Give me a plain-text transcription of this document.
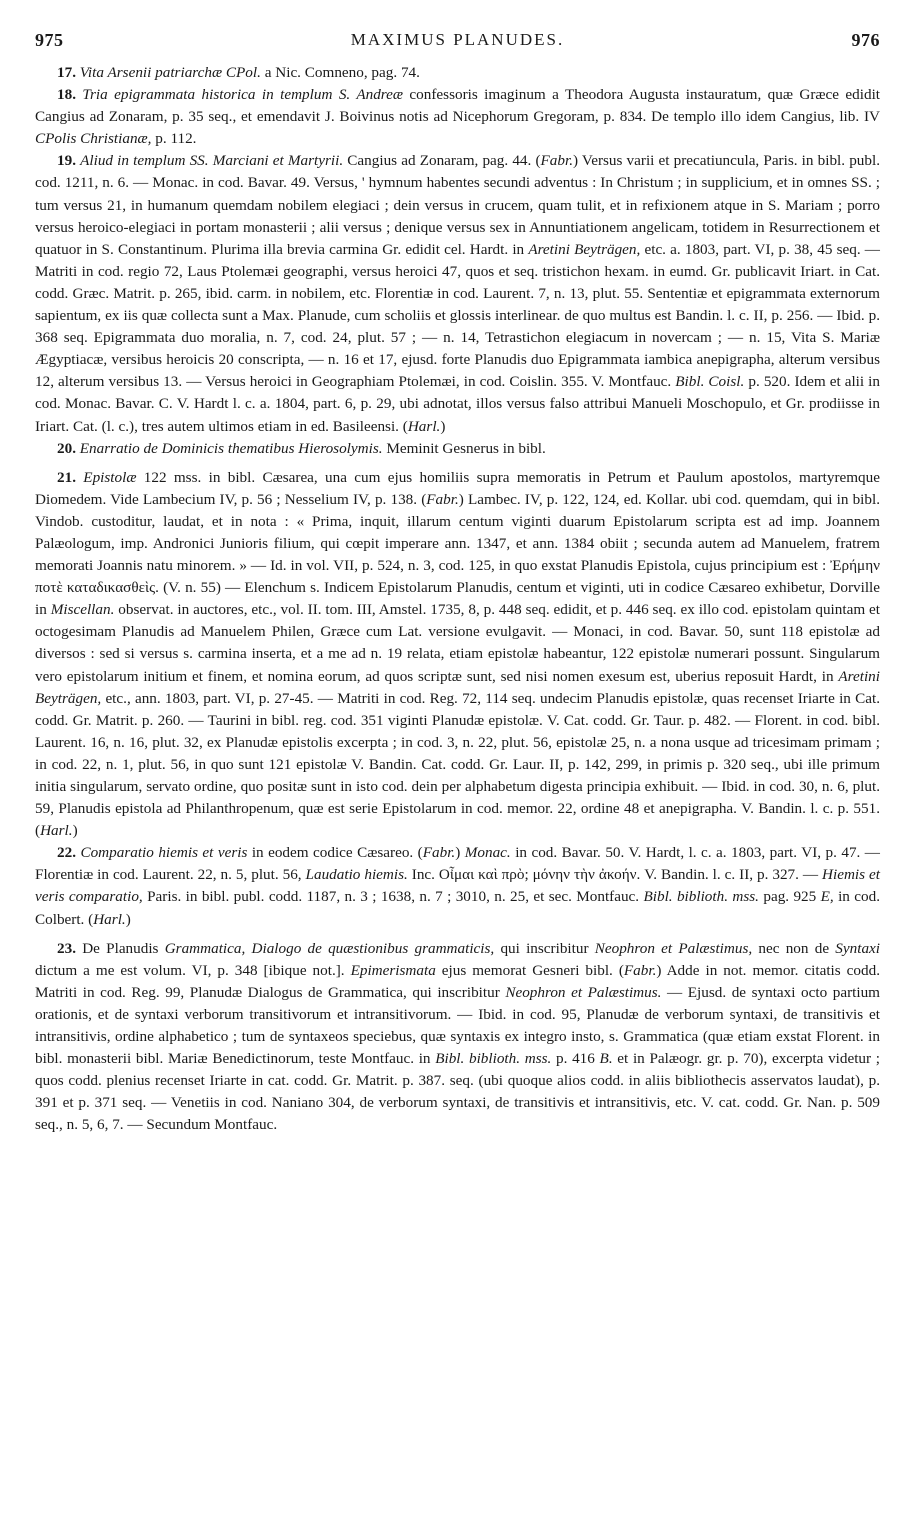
975	MAXIMUS PLANUDES.	976

17. Vita Arsenii patriarchæ CPol. a Nic. Comneno, pag. 74.

18. Tria epigrammata historica in templum S. Andreæ confessoris imaginum a Theodora Augusta instauratum, quæ Græce edidit Cangius ad Zonaram, p. 35 seq., et emendavit J. Boivinus notis ad Nicephorum Gregoram, p. 834. De templo illo idem Cangius, lib. IV CPolis Christianæ, p. 112.

19. Aliud in templum SS. Marciani et Martyrii. Cangius ad Zonaram, pag. 44. (Fabr.) Versus varii et precatiuncula, Paris. in bibl. publ. cod. 1211, n. 6. — Monac. in cod. Bavar. 49. Versus, ' hymnum habentes secundi adventus : In Christum ; in supplicium, et in omnes SS. ; tum versus 21, in humanum quemdam nobilem elegiaci ; dein versus in crucem, quam tulit, et in refixionem atque in S. Mariam ; porro versus heroico-elegiaci in portam monasterii ; alii versus ; denique versus sex in Annuntiationem angelicam, totidem in Resurrectionem et quatuor in S. Constantinum. Plurima illa brevia carmina Gr. edidit cel. Hardt. in Aretini Beyträgen, etc. a. 1803, part. VI, p. 38, 45 seq. — Matriti in cod. regio 72, Laus Ptolemæi geographi, versus heroici 47, quos et seq. tristichon hexam. in eumd. Gr. publicavit Iriart. in Cat. codd. Græc. Matrit. p. 265, ibid. carm. in nobilem, etc. Florentiæ in cod. Laurent. 7, n. 13, plut. 55. Sententiæ et epigrammata externorum sapientum, ex iis quæ collecta sunt a Max. Planude, cum scholiis et glossis interlinear. de quo multus est Bandin. l. c. II, p. 256. — Ibid. p. 368 seq. Epigrammata duo moralia, n. 7, cod. 24, plut. 57 ; — n. 14, Tetrastichon elegiacum in novercam ; — n. 15, Vita S. Mariæ Ægyptiacæ, versibus heroicis 20 conscripta, — n. 16 et 17, ejusd. forte Planudis duo Epigrammata iambica anepigrapha, alterum versibus 12, alterum versibus 13. — Versus heroici in Geographiam Ptolemæi, in cod. Coislin. 355. V. Montfauc. Bibl. Coisl. p. 520. Idem et alii in cod. Monac. Bavar. C. V. Hardt l. c. a. 1804, part. 6, p. 29, ubi adnotat, illos versus falso attribui Manueli Moschopulo, et Gr. prodiisse in Iriart. Cat. (l. c.), tres autem ultimos etiam in ed. Basileensi. (Harl.)

20. Enarratio de Dominicis thematibus Hierosolymis. Meminit Gesnerus in bibl.

21. Epistolæ 122 mss. in bibl. Cæsarea, una cum ejus homiliis supra memoratis in Petrum et Paulum apostolos, martyremque Diomedem. Vide Lambecium IV, p. 56 ; Nesselium IV, p. 138. (Fabr.) Lambec. IV, p. 122, 124, ed. Kollar. ubi cod. quemdam, qui in bibl. Vindob. custoditur, laudat, et in nota : « Prima, inquit, illarum centum viginti duarum Epistolarum scripta est ad imp. Joannem Palæologum, imp. Andronici Junioris filium, qui cœpit imperare ann. 1347, et ann. 1384 obiit ; secunda autem ad Manuelem, fratrem memorati Joannis natu minorem. » — Id. in vol. VII, p. 524, n. 3, cod. 125, in quo exstat Planudis Epistola, cujus principium est : Ἐρήμην ποτὲ καταδικασθεὶς. (V. n. 55) — Elenchum s. Indicem Epistolarum Planudis, centum et viginti, uti in codice Cæsareo exhibetur, Dorville in Miscellan. observat. in auctores, etc., vol. II. tom. III, Amstel. 1735, 8, p. 448 seq. edidit, et p. 446 seq. ex illo cod. epistolam quintam et octogesimam Planudis ad Manuelem Philen, Græce cum Lat. versione evulgavit. — Monaci, in cod. Bavar. 50, sunt 118 epistolæ ad diversos : sed si versus s. carmina inserta, et a me ad n. 19 relata, etiam epistolæ habeantur, 122 epistolæ numerari possunt. Singularum vero epistolarum initium et finem, et nomina eorum, ad quos scriptæ sunt, sed nisi nomen exesum est, uberius reposuit Hardt, in Aretini Beyträgen, etc., ann. 1803, part. VI, p. 27-45. — Matriti in cod. Reg. 72, 114 seq. undecim Planudis epistolæ, quas recenset Iriarte in Cat. codd. Gr. Matrit. p. 260. — Taurini in bibl. reg. cod. 351 viginti Planudæ epistolæ. V. Cat. codd. Gr. Taur. p. 482. — Florent. in cod. bibl. Laurent. 16, n. 16, plut. 32, ex Planudæ epistolis excerpta ; in cod. 3, n. 22, plut. 56, epistolæ 25, n. a nona usque ad tricesimam primam ; in cod. 22, n. 1, plut. 56, in quo sunt 121 epistolæ V. Bandin. Cat. codd. Gr. Laur. II, p. 142, 299, in primis p. 320 seq., ubi ille primum initia singularum, servato ordine, quo positæ sunt in isto cod. dein per alphabetum digesta principia exhibuit. — Ibid. in cod. 30, n. 6, plut. 59, Planudis epistola ad Philanthropenum, quæ est serie Epistolarum in cod. memor. 22, ordine 48 et anepigrapha. V. Bandin. l. c. p. 551. (Harl.)

22. Comparatio hiemis et veris in eodem codice Cæsareo. (Fabr.) Monac. in cod. Bavar. 50. V. Hardt, l. c. a. 1803, part. VI, p. 47. — Florentiæ in cod. Laurent. 22, n. 5, plut. 56, Laudatio hiemis. Inc. Οἶμαι καὶ πρὸ; μόνην τὴν ἀκοήν. V. Bandin. l. c. II, p. 327. — Hiemis et veris comparatio, Paris. in bibl. publ. codd. 1187, n. 3 ; 1638, n. 7 ; 3010, n. 25, et sec. Montfauc. Bibl. biblioth. mss. pag. 925 E, in cod. Colbert. (Harl.)

23. De Planudis Grammatica, Dialogo de quæstionibus grammaticis, qui inscribitur Neophron et Palæstimus, nec non de Syntaxi dictum a me est volum. VI, p. 348 [ibique not.]. Epimerismata ejus memorat Gesneri bibl. (Fabr.) Adde in not. memor. citatis codd. Matriti in cod. Reg. 99, Planudæ Dialogus de Grammatica, qui inscribitur Neophron et Palæstimus. — Ejusd. de syntaxi octo partium orationis, et de syntaxi verborum transitivorum et intransitivorum. — Ibid. in cod. 95, Planudæ de verborum syntaxi, de transitivis et intransitivis, ordine alphabetico ; tum de syntaxeos speciebus, quæ syntaxis ex integro insto, s. Grammatica (quæ etiam exstat Florent. in bibl. monasterii bibl. Mariæ Benedictinorum, teste Montfauc. in Bibl. biblioth. mss. p. 416 B. et in Palæogr. gr. p. 70), excerpta videtur ; quos codd. plenius recenset Iriarte in cat. codd. Gr. Matrit. p. 387. seq. (ubi quoque alios codd. in aliis bibliothecis asservatos laudat), p. 391 et p. 371 seq. — Venetiis in cod. Naniano 304, de verborum syntaxi, de transitivis et intransitivis, etc. V. cat. codd. Gr. Nan. p. 509 seq., n. 5, 6, 7. — Secundum Montfauc.
